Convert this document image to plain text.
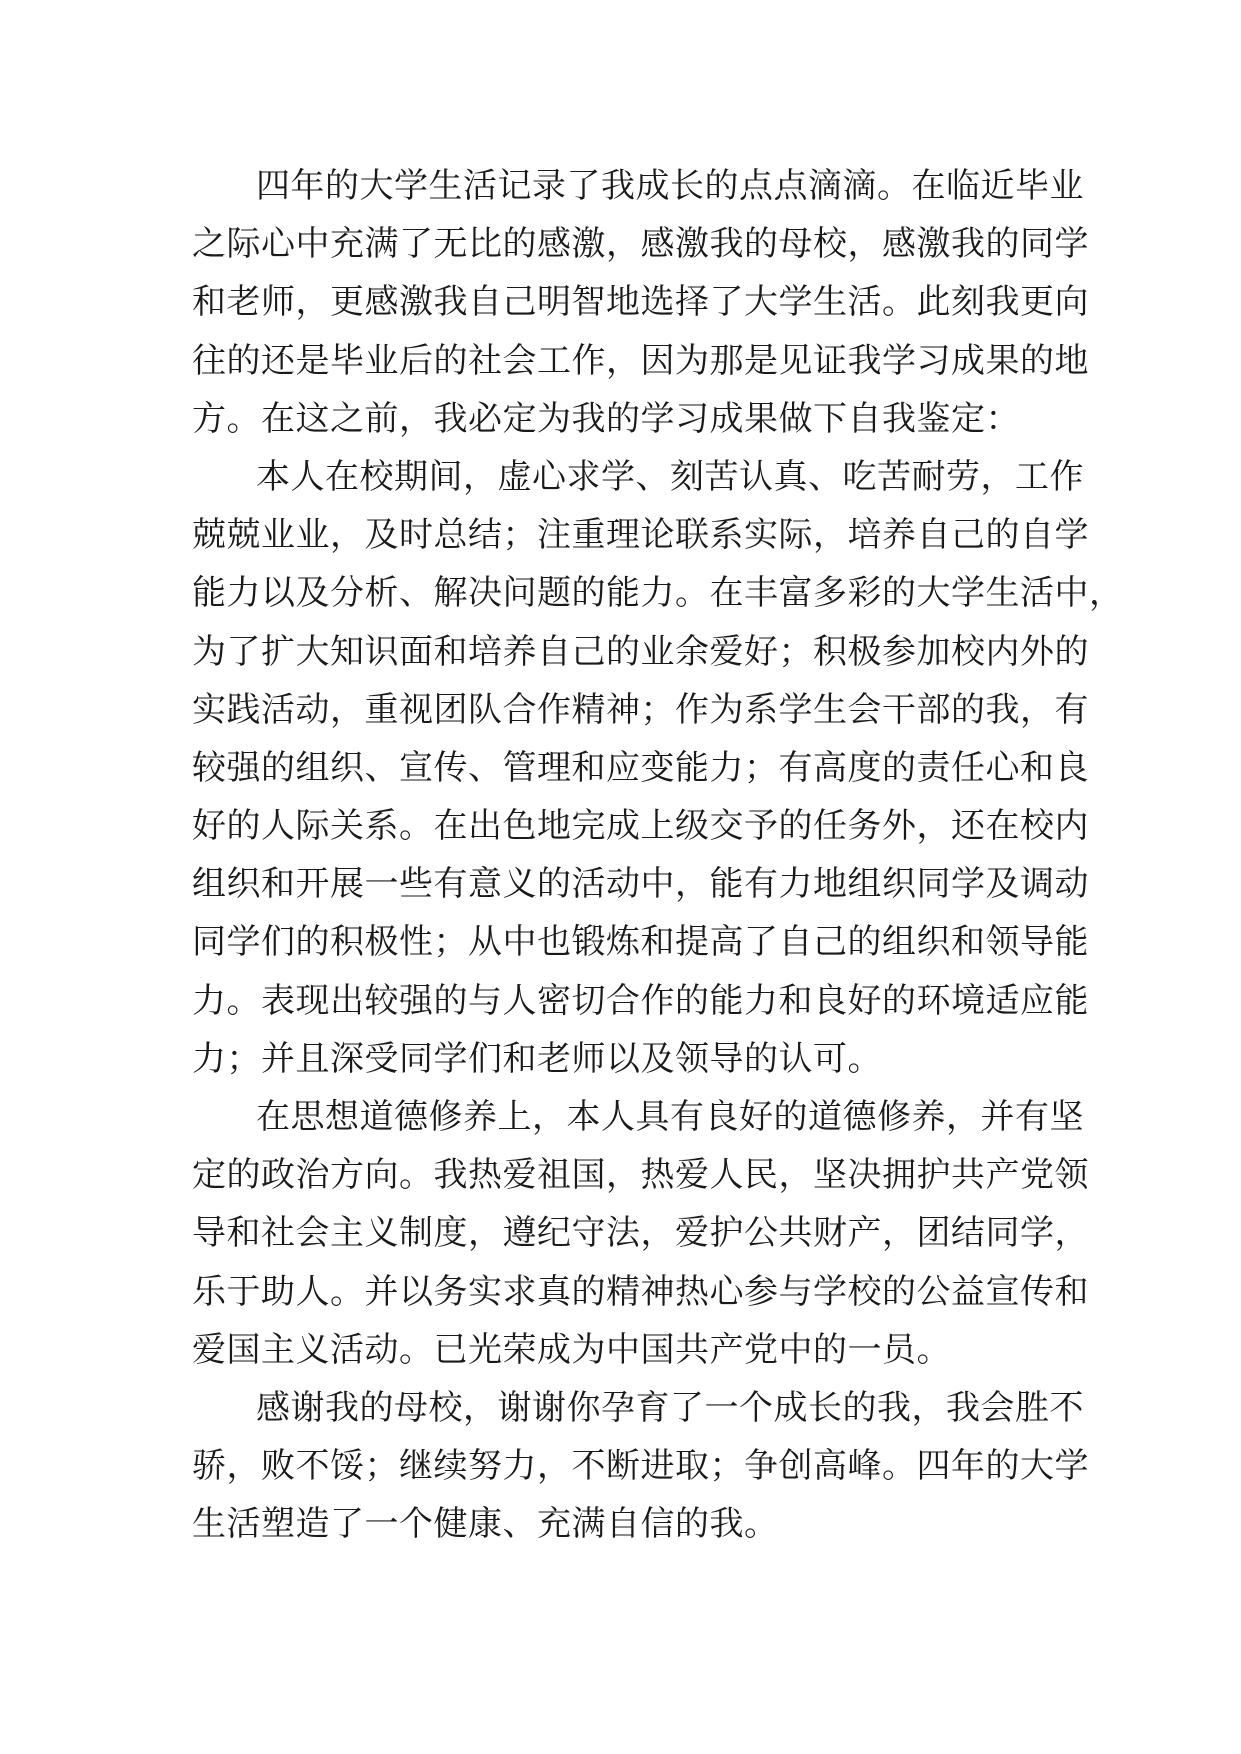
四年的大学生活记录了我成长的点点滴滴。在临近毕业
之际心中充满了无比的感激，感激我的母校，感激我的同学
和老师，更感激我自己明智地选择了大学生活。此刻我更向
往的还是毕业后的社会工作，因为那是见证我学习成果的地
方。在这之前，我必定为我的学习成果做下自我鉴定：
本人在校期间，虚心求学、刻苦认真、吃苦耐劳，工作
兢兢业业，及时总结；注重理论联系实际，培养自己的自学
能力以及分析、解决问题的能力。在丰富多彩的大学生活中，
为了扩大知识面和培养自己的业余爱好；积极参加校内外的
实践活动，重视团队合作精神；作为系学生会干部的我，有
较强的组织、宣传、管理和应变能力；有高度的责任心和良
好的人际关系。在出色地完成上级交予的任务外，还在校内
组织和开展一些有意义的活动中，能有力地组织同学及调动
同学们的积极性；从中也锻炼和提高了自己的组织和领导能
力。表现出较强的与人密切合作的能力和良好的环境适应能
力；并且深受同学们和老师以及领导的认可。
在思想道德修养上，本人具有良好的道德修养，并有坚
定的政治方向。我热爱祖国，热爱人民，坚决拥护共产党领
导和社会主义制度，遵纪守法，爱护公共财产，团结同学，
乐于助人。并以务实求真的精神热心参与学校的公益宣传和
爱国主义活动。已光荣成为中国共产党中的一员。
感谢我的母校，谢谢你孕育了一个成长的我，我会胜不
骄，败不馁；继续努力，不断进取；争创高峰。四年的大学
生活塑造了一个健康、充满自信的我。
